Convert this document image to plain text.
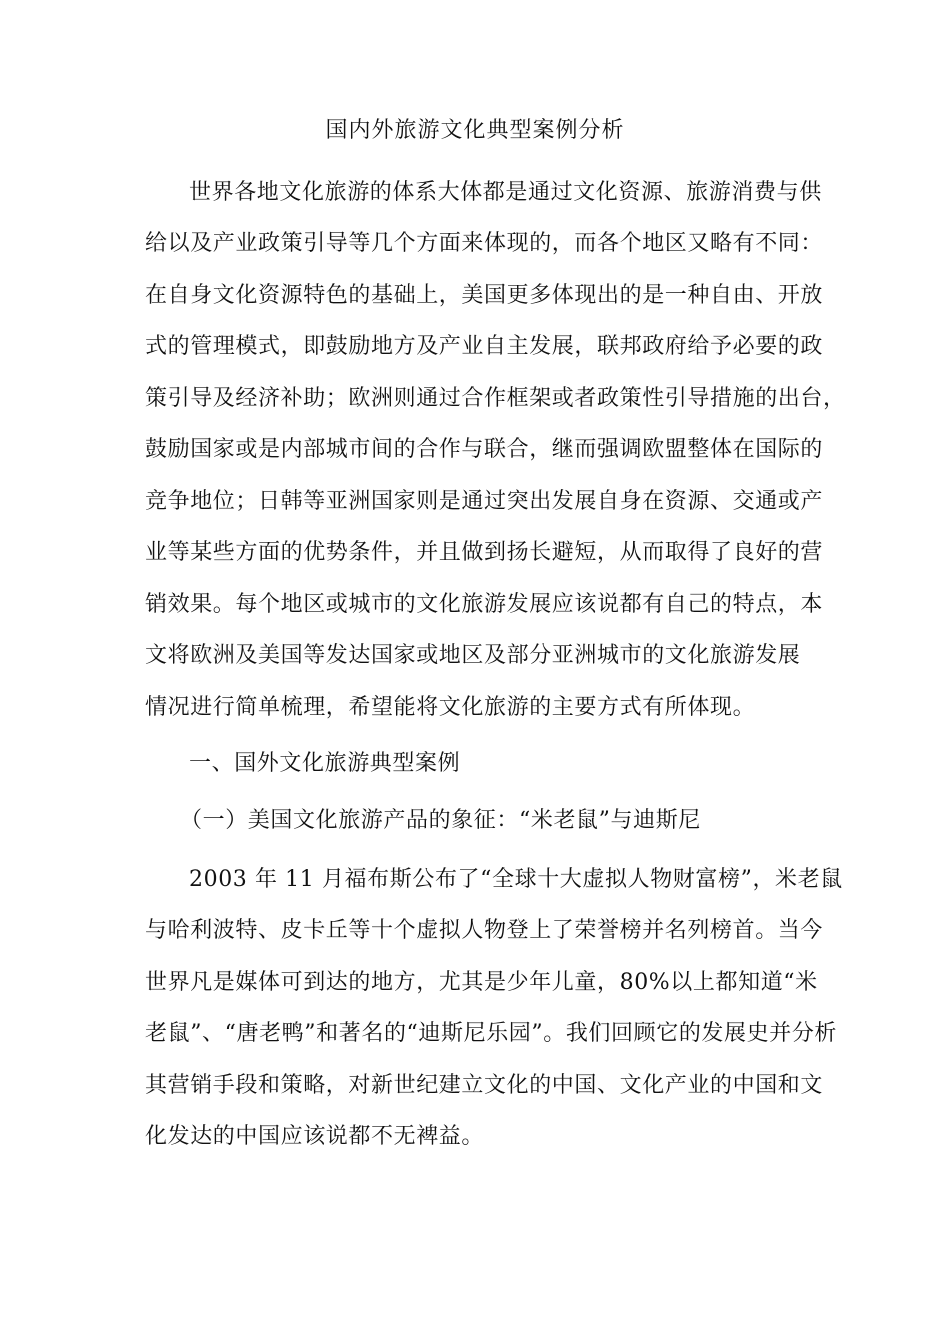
国内外旅游文化典型案例分析
世界各地文化旅游的体系大体都是通过文化资源、旅游消费与供
给以及产业政策引导等几个方面来体现的，而各个地区又略有不同：
在自身文化资源特色的基础上，美国更多体现出的是一种自由、开放
式的管理模式，即鼓励地方及产业自主发展，联邦政府给予必要的政
策引导及经济补助；欧洲则通过合作框架或者政策性引导措施的出台，
鼓励国家或是内部城市间的合作与联合，继而强调欧盟整体在国际的
竞争地位；日韩等亚洲国家则是通过突出发展自身在资源、交通或产
业等某些方面的优势条件，并且做到扬长避短，从而取得了良好的营
销效果。每个地区或城市的文化旅游发展应该说都有自己的特点，本
文将欧洲及美国等发达国家或地区及部分亚洲城市的文化旅游发展
情况进行简单梳理，希望能将文化旅游的主要方式有所体现。
一、国外文化旅游典型案例
（一）美国文化旅游产品的象征：“米老鼠”与迪斯尼
2003 年 11 月福布斯公布了“全球十大虚拟人物财富榜”，米老鼠
与哈利波特、皮卡丘等十个虚拟人物登上了荣誉榜并名列榜首。当今
世界凡是媒体可到达的地方，尤其是少年儿童，80%以上都知道“米
老鼠”、“唐老鸭”和著名的“迪斯尼乐园”。我们回顾它的发展史并分析
其营销手段和策略，对新世纪建立文化的中国、文化产业的中国和文
化发达的中国应该说都不无裨益。
